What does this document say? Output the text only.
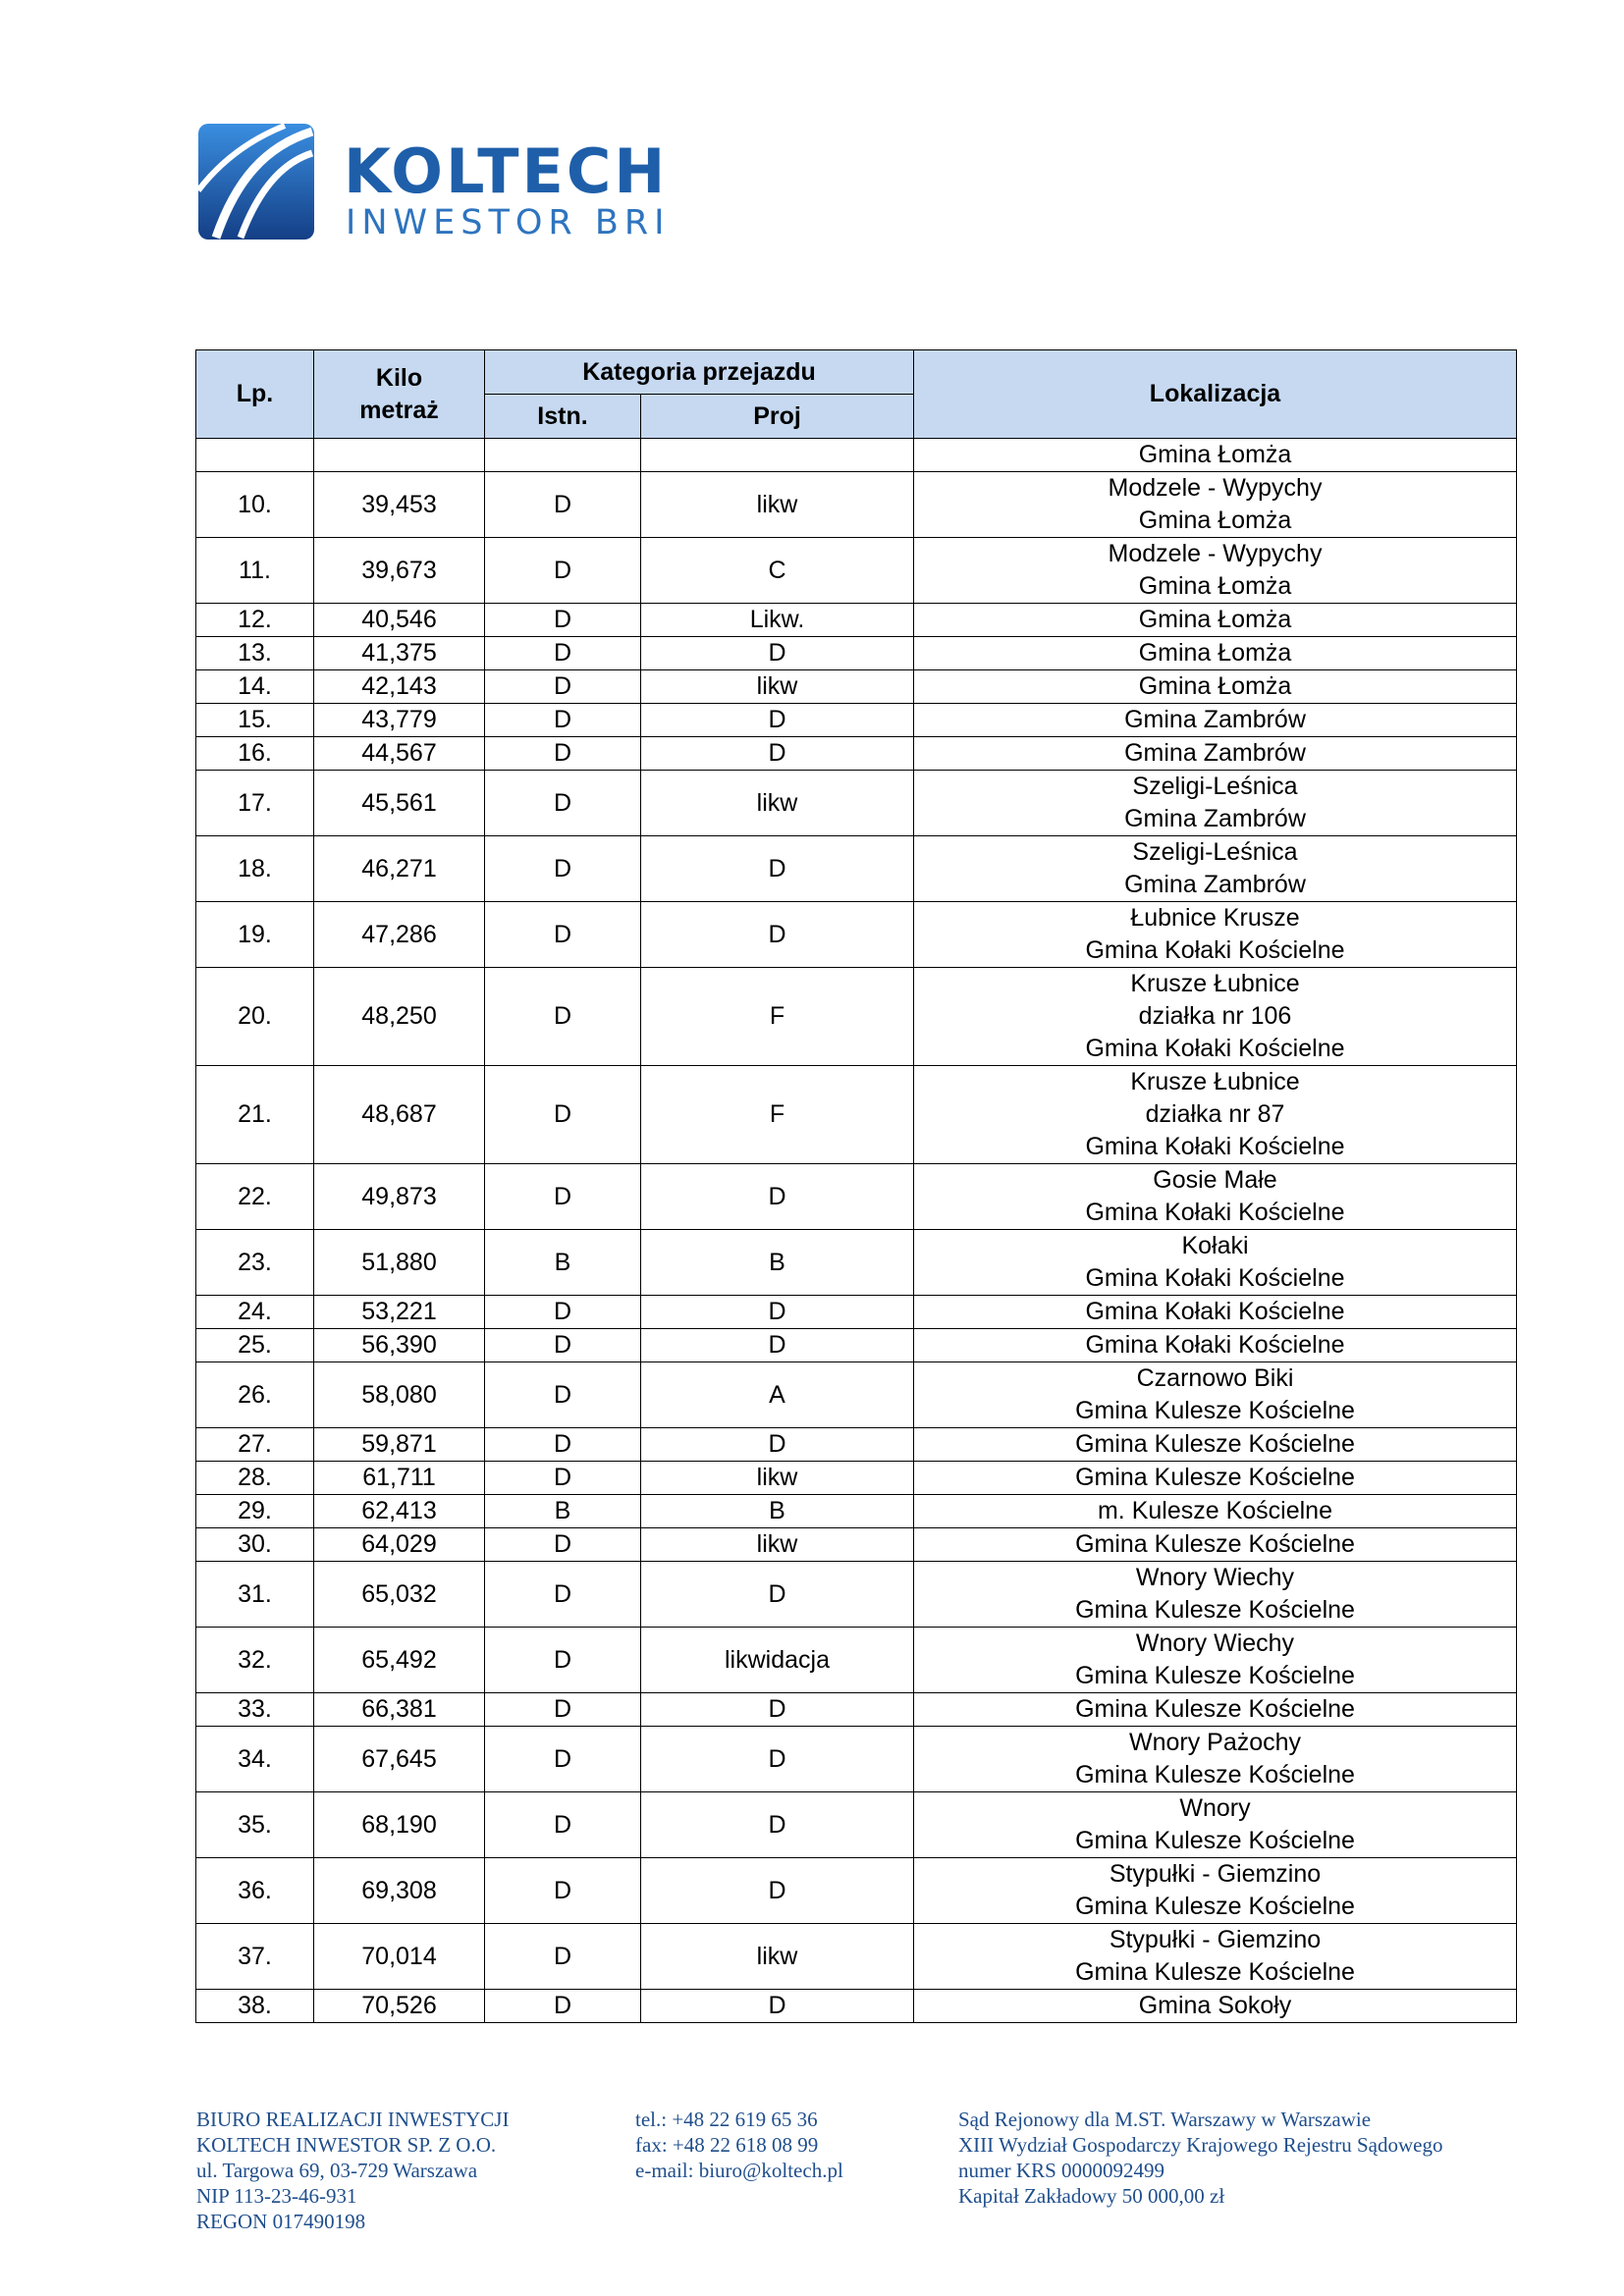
KOLTECH
INWESTOR BRI
Lp.	Kilo
metraż	Kategoria przejazdu		Lokalizacja
		Istn.	Proj	
				Gmina Łomża
10.	39,453	D	likw	Modzele - Wypychy
Gmina Łomża
11.	39,673	D	C	Modzele - Wypychy
Gmina Łomża
12.	40,546	D	Likw.	Gmina Łomża
13.	41,375	D	D	Gmina Łomża
14.	42,143	D	likw	Gmina Łomża
15.	43,779	D	D	Gmina Zambrów
16.	44,567	D	D	Gmina Zambrów
17.	45,561	D	likw	Szeligi-Leśnica
Gmina Zambrów
18.	46,271	D	D	Szeligi-Leśnica
Gmina Zambrów
19.	47,286	D	D	Łubnice Krusze
Gmina Kołaki Kościelne
20.	48,250	D	F	Krusze Łubnice
działka nr 106
Gmina Kołaki Kościelne
21.	48,687	D	F	Krusze Łubnice
działka nr 87
Gmina Kołaki Kościelne
22.	49,873	D	D	Gosie Małe
Gmina Kołaki Kościelne
23.	51,880	B	B	Kołaki
Gmina Kołaki Kościelne
24.	53,221	D	D	Gmina Kołaki Kościelne
25.	56,390	D	D	Gmina Kołaki Kościelne
26.	58,080	D	A	Czarnowo Biki
Gmina Kulesze Kościelne
27.	59,871	D	D	Gmina Kulesze Kościelne
28.	61,711	D	likw	Gmina Kulesze Kościelne
29.	62,413	B	B	m. Kulesze Kościelne
30.	64,029	D	likw	Gmina Kulesze Kościelne
31.	65,032	D	D	Wnory Wiechy
Gmina Kulesze Kościelne
32.	65,492	D	likwidacja	Wnory Wiechy
Gmina Kulesze Kościelne
33.	66,381	D	D	Gmina Kulesze Kościelne
34.	67,645	D	D	Wnory Pażochy
Gmina Kulesze Kościelne
35.	68,190	D	D	Wnory
Gmina Kulesze Kościelne
36.	69,308	D	D	Stypułki - Giemzino
Gmina Kulesze Kościelne
37.	70,014	D	likw	Stypułki - Giemzino
Gmina Kulesze Kościelne
38.	70,526	D	D	Gmina Sokoły
BIURO REALIZACJI INWESTYCJI
KOLTECH INWESTOR SP. Z O.O.
ul. Targowa 69, 03-729 Warszawa
NIP 113-23-46-931
REGON 017490198
tel.: +48 22 619 65 36
fax: +48 22 618 08 99
e-mail: biuro@koltech.pl
Sąd Rejonowy dla M.ST. Warszawy w Warszawie
XIII Wydział Gospodarczy Krajowego Rejestru Sądowego
numer KRS 0000092499
Kapitał Zakładowy 50 000,00 zł
